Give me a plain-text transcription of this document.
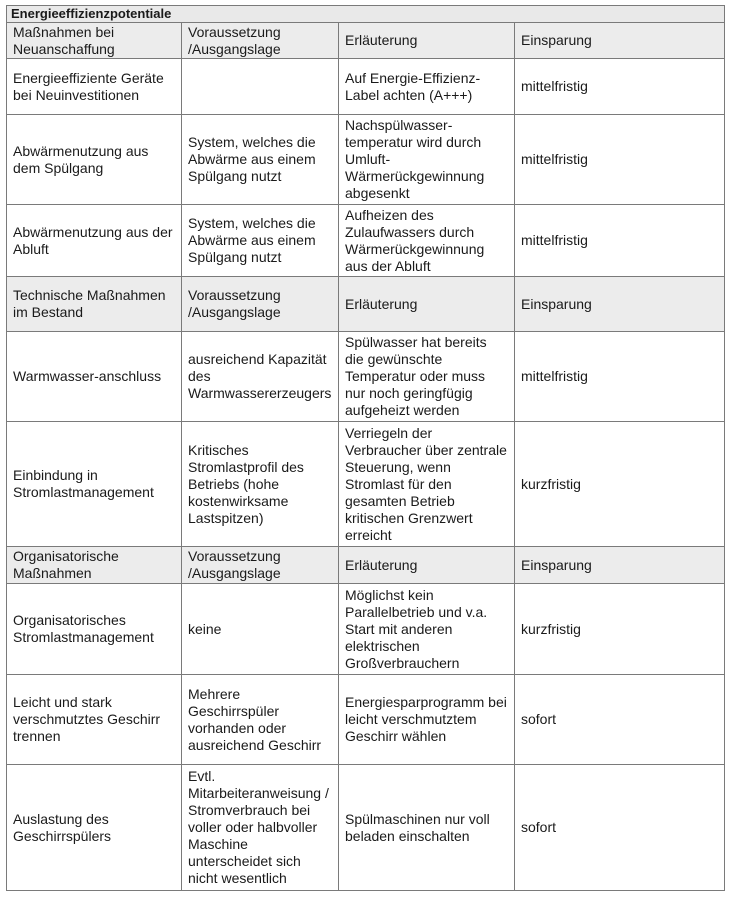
Energieeffizienzpotentiale			
Maßnahmen bei Neuanschaffung	Voraussetzung /Ausgangslage	Erläuterung	Einsparung
Energieeffiziente Geräte bei Neuinvestitionen		Auf Energie-Effizienz-Label achten (A+++)	mittelfristig
Abwärmenutzung aus dem Spülgang	System, welches die Abwärme aus einem Spülgang nutzt	Nachspülwasser-temperatur wird durch Umluft-Wärmerückgewinnung abgesenkt	mittelfristig
Abwärmenutzung aus der Abluft	System, welches die Abwärme aus einem Spülgang nutzt	Aufheizen des Zulaufwassers durch Wärmerückgewinnung aus der Abluft	mittelfristig
Technische Maßnahmen im Bestand	Voraussetzung /Ausgangslage	Erläuterung	Einsparung
Warmwasser-anschluss	ausreichend Kapazität des Warmwassererzeugers	Spülwasser hat bereits die gewünschte Temperatur oder muss nur noch geringfügig aufgeheizt werden	mittelfristig
Einbindung in Stromlastmanagement	Kritisches Stromlastprofil des Betriebs (hohe kostenwirksame Lastspitzen)	Verriegeln der Verbraucher über zentrale Steuerung, wenn Stromlast für den gesamten Betrieb kritischen Grenzwert erreicht	kurzfristig
Organisatorische Maßnahmen	Voraussetzung /Ausgangslage	Erläuterung	Einsparung
Organisatorisches Stromlastmanagement	keine	Möglichst kein Parallelbetrieb und v.a. Start mit anderen elektrischen Großverbrauchern	kurzfristig
Leicht und stark verschmutztes Geschirr trennen	Mehrere Geschirrspüler vorhanden oder ausreichend Geschirr	Energiesparprogramm bei leicht verschmutztem Geschirr wählen	sofort
Auslastung des Geschirrspülers	Evtl. Mitarbeiteranweisung / Stromverbrauch bei voller oder halbvoller Maschine unterscheidet sich nicht wesentlich	Spülmaschinen nur voll beladen einschalten	sofort
